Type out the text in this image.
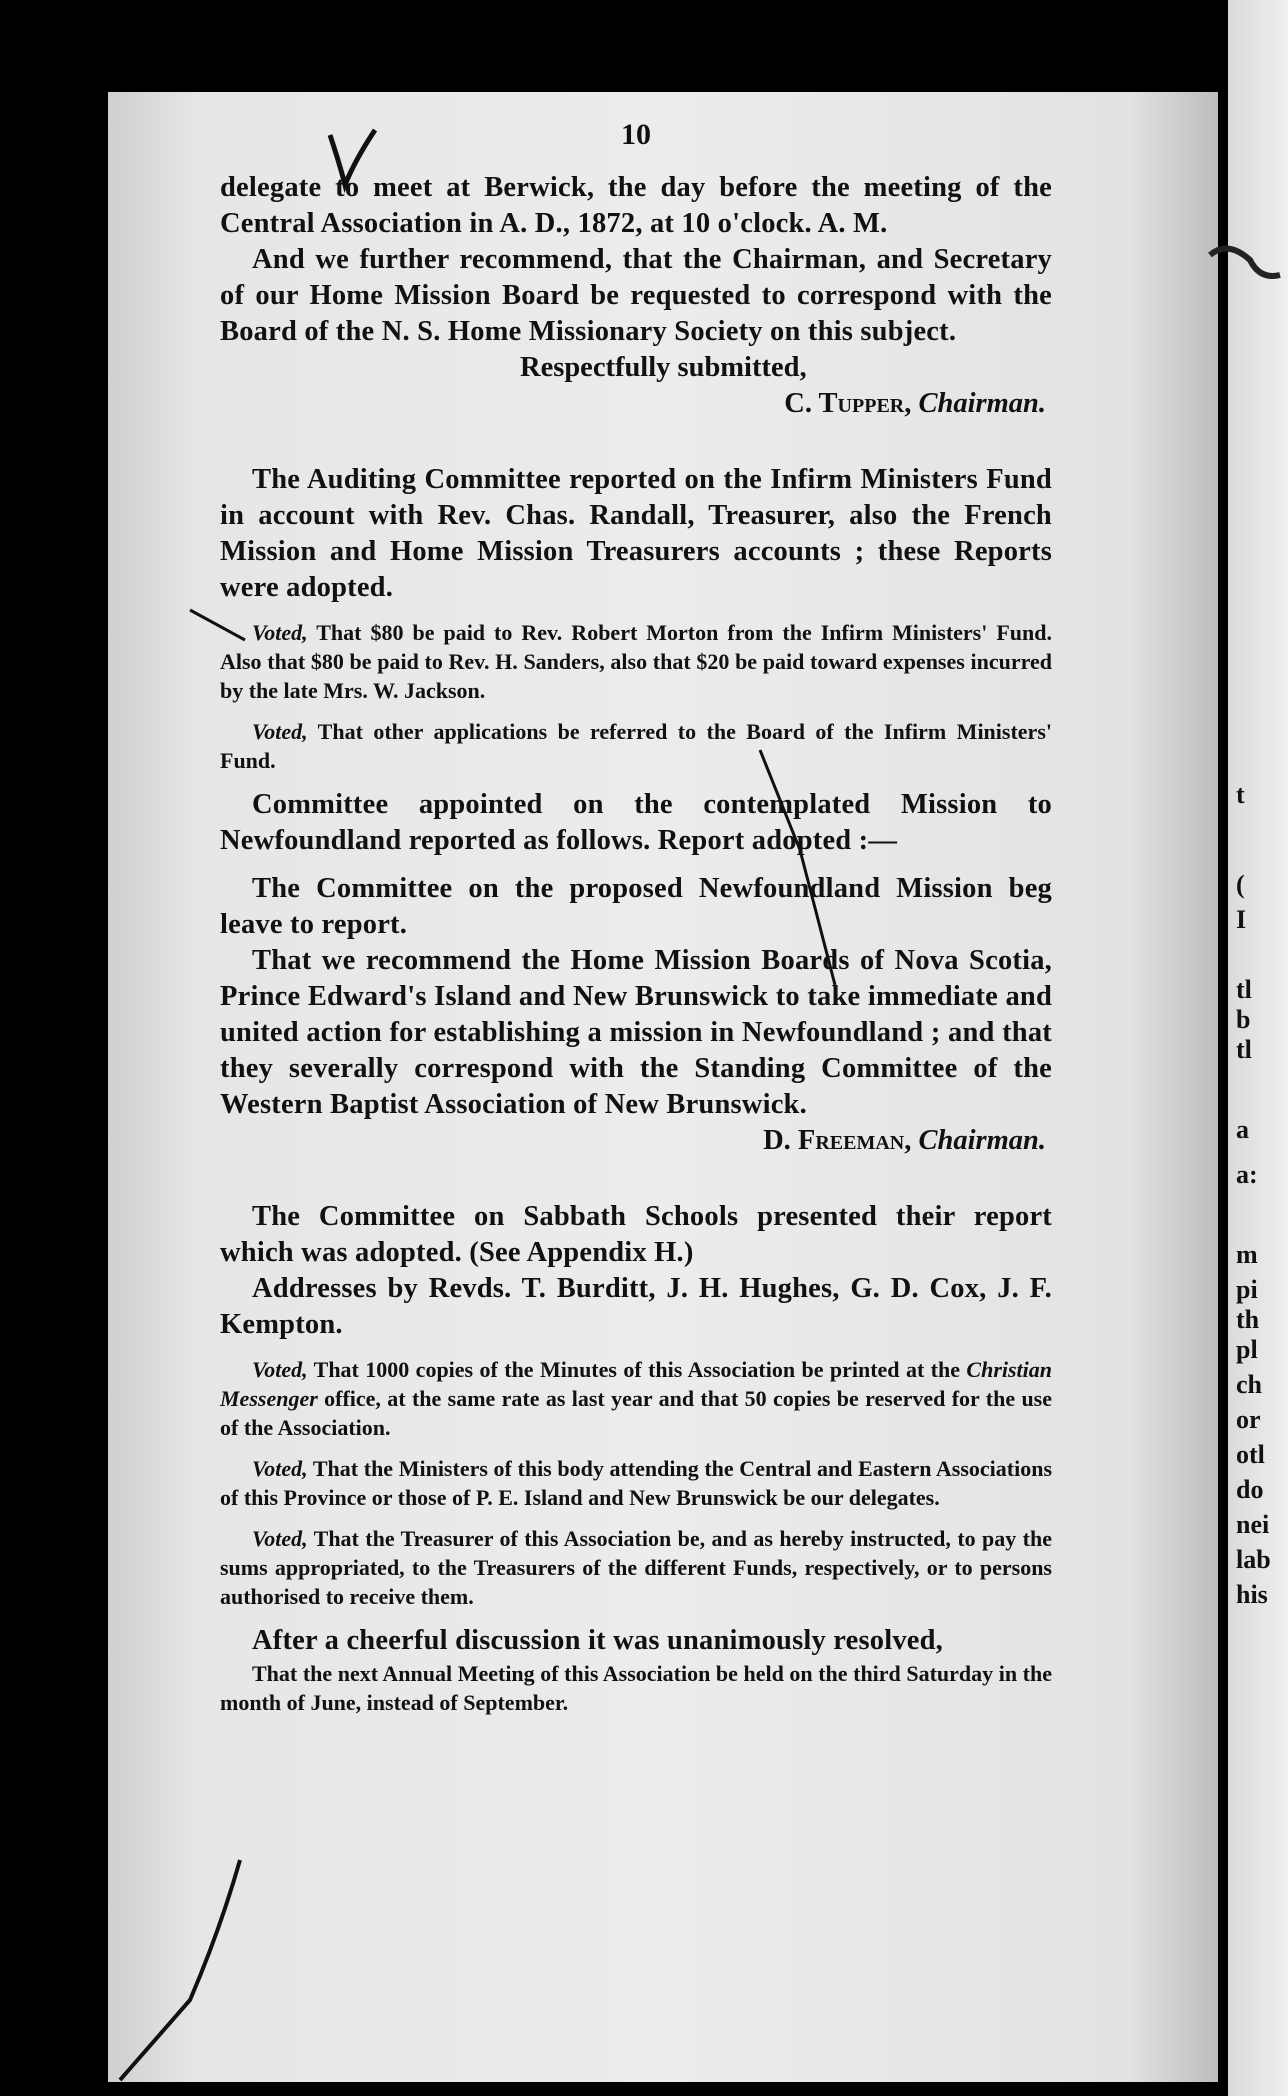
10

delegate to meet at Berwick, the day before the meeting of the Central Association in A. D., 1872, at 10 o'clock. A. M.

And we further recommend, that the Chairman, and Secretary of our Home Mission Board be requested to correspond with the Board of the N. S. Home Missionary Society on this subject.

Respectfully submitted,
C. Tupper, Chairman.

The Auditing Committee reported on the Infirm Ministers Fund in account with Rev. Chas. Randall, Treasurer, also the French Mission and Home Mission Treasurers accounts ; these Reports were adopted.

Voted, That $80 be paid to Rev. Robert Morton from the Infirm Ministers' Fund. Also that $80 be paid to Rev. H. Sanders, also that $20 be paid toward expenses incurred by the late Mrs. W. Jackson.

Voted, That other applications be referred to the Board of the Infirm Ministers' Fund.

Committee appointed on the contemplated Mission to Newfoundland reported as follows. Report adopted :—

The Committee on the proposed Newfoundland Mission beg leave to report.

That we recommend the Home Mission Boards of Nova Scotia, Prince Edward's Island and New Brunswick to take immediate and united action for establishing a mission in Newfoundland ; and that they severally correspond with the Standing Committee of the Western Baptist Association of New Brunswick.

D. Freeman, Chairman.

The Committee on Sabbath Schools presented their report which was adopted. (See Appendix H.)

Addresses by Revds. T. Burditt, J. H. Hughes, G. D. Cox, J. F. Kempton.

Voted, That 1000 copies of the Minutes of this Association be printed at the Christian Messenger office, at the same rate as last year and that 50 copies be reserved for the use of the Association.

Voted, That the Ministers of this body attending the Central and Eastern Associations of this Province or those of P. E. Island and New Brunswick be our delegates.

Voted, That the Treasurer of this Association be, and as hereby instructed, to pay the sums appropriated, to the Treasurers of the different Funds, respectively, or to persons authorised to receive them.

After a cheerful discussion it was unanimously resolved,

That the next Annual Meeting of this Association be held on the third Saturday in the month of June, instead of September.

t
(
I
tl
b
tl
a
a:
m
pi
th
pl
ch
or
otl
do
nei
lab
his
